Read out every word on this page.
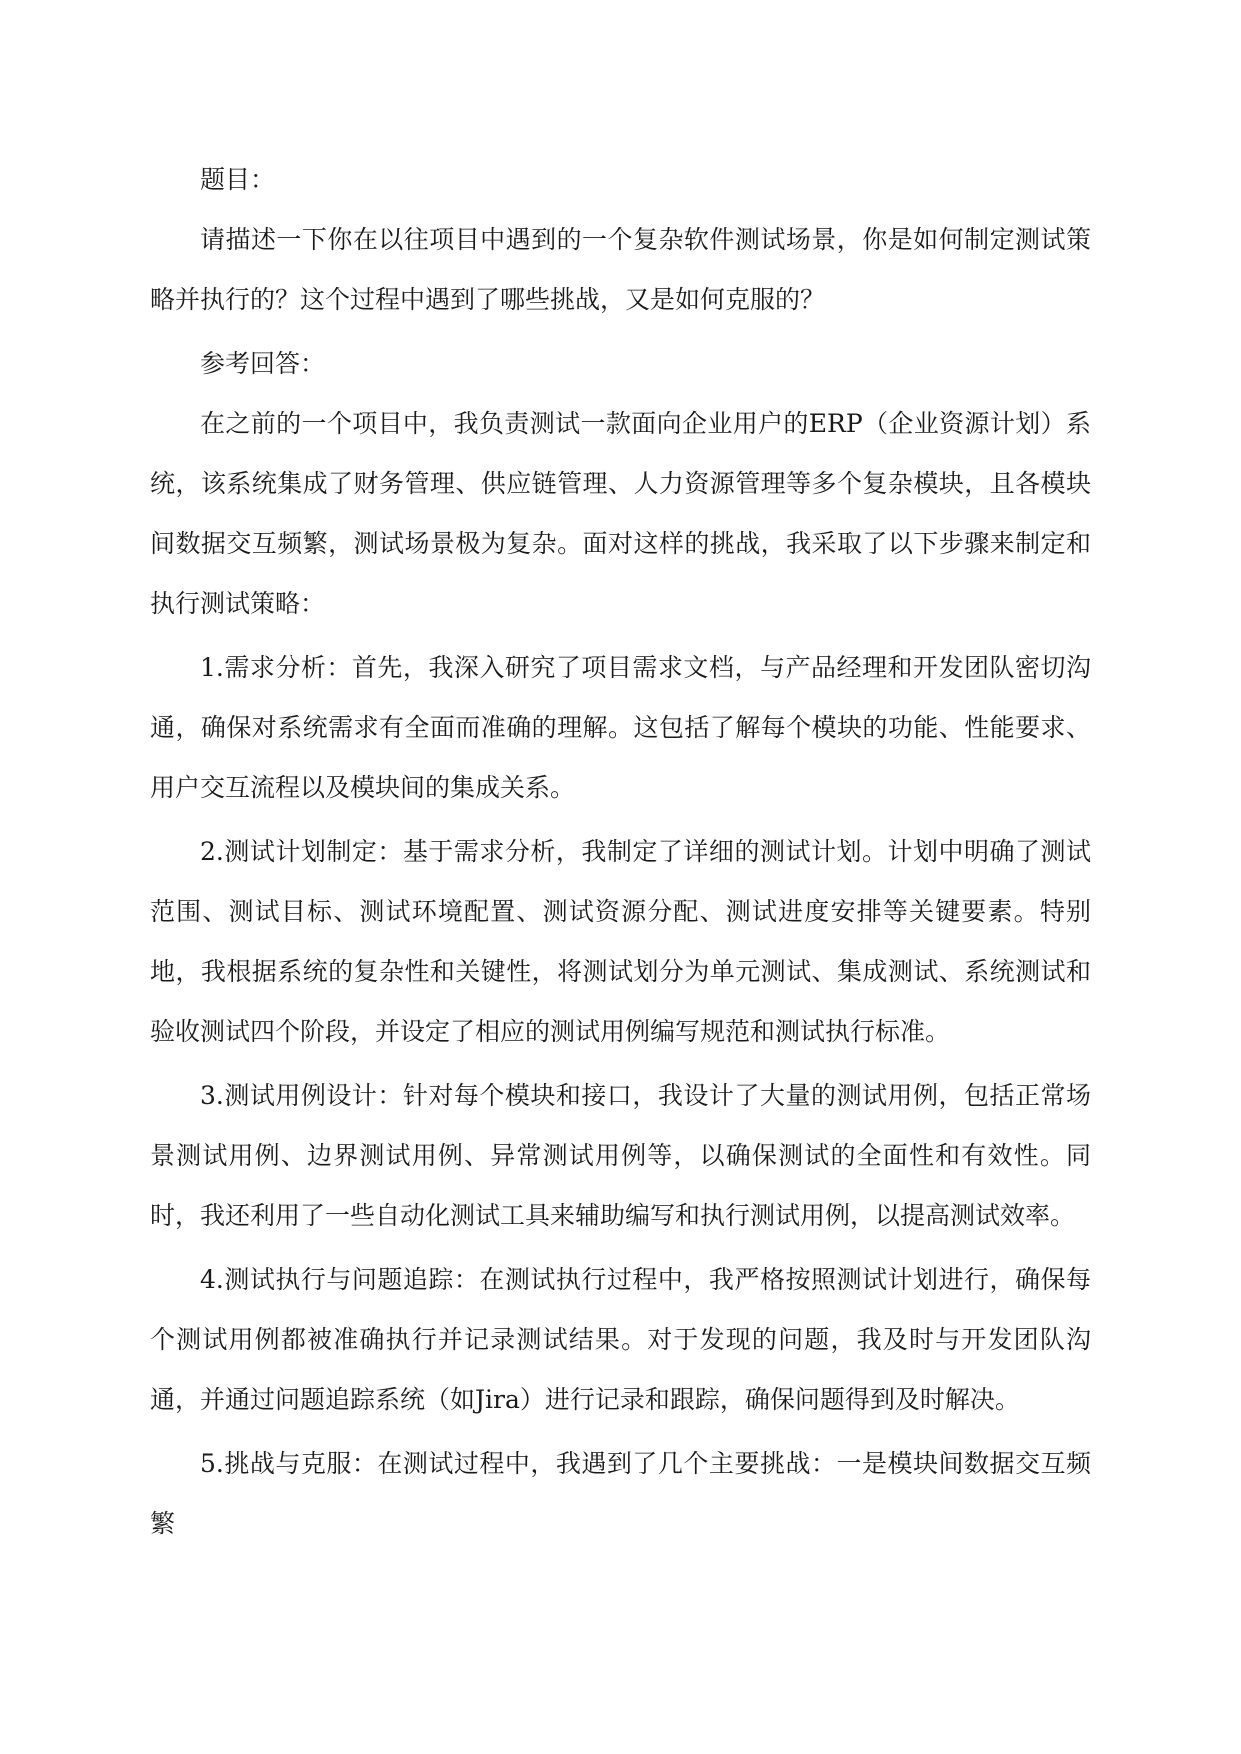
题目：

请描述一下你在以往项目中遇到的一个复杂软件测试场景，你是如何制定测试策略并执行的？这个过程中遇到了哪些挑战，又是如何克服的？

参考回答：

在之前的一个项目中，我负责测试一款面向企业用户的ERP（企业资源计划）系统，该系统集成了财务管理、供应链管理、人力资源管理等多个复杂模块，且各模块间数据交互频繁，测试场景极为复杂。面对这样的挑战，我采取了以下步骤来制定和执行测试策略：

1.需求分析：首先，我深入研究了项目需求文档，与产品经理和开发团队密切沟通，确保对系统需求有全面而准确的理解。这包括了解每个模块的功能、性能要求、用户交互流程以及模块间的集成关系。

2.测试计划制定：基于需求分析，我制定了详细的测试计划。计划中明确了测试范围、测试目标、测试环境配置、测试资源分配、测试进度安排等关键要素。特别地，我根据系统的复杂性和关键性，将测试划分为单元测试、集成测试、系统测试和验收测试四个阶段，并设定了相应的测试用例编写规范和测试执行标准。

3.测试用例设计：针对每个模块和接口，我设计了大量的测试用例，包括正常场景测试用例、边界测试用例、异常测试用例等，以确保测试的全面性和有效性。同时，我还利用了一些自动化测试工具来辅助编写和执行测试用例，以提高测试效率。

4.测试执行与问题追踪：在测试执行过程中，我严格按照测试计划进行，确保每个测试用例都被准确执行并记录测试结果。对于发现的问题，我及时与开发团队沟通，并通过问题追踪系统（如Jira）进行记录和跟踪，确保问题得到及时解决。

5.挑战与克服：在测试过程中，我遇到了几个主要挑战：一是模块间数据交互频繁
